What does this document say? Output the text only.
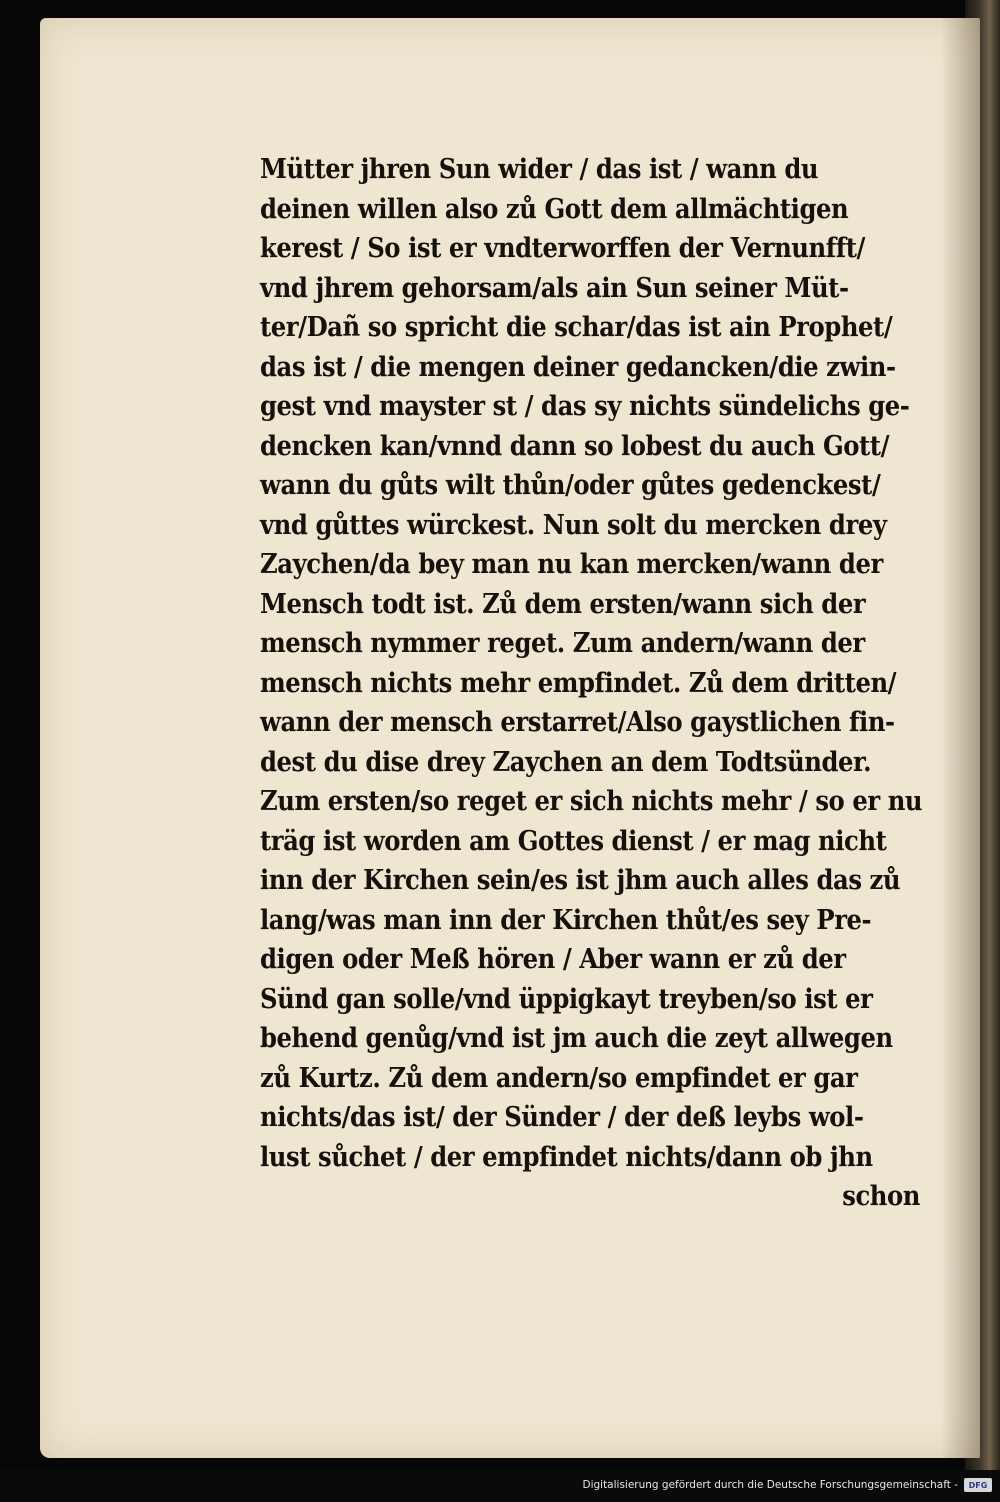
Mütter jhren Sun wider / das ist / wann du
deinen willen also zů Gott dem allmächtigen
kerest / So ist er vndterworffen der Vernunfft/
vnd jhrem gehorsam/als ain Sun seiner Müt-
ter/Dañ so spricht die schar/das ist ain Prophet/
das ist / die mengen deiner gedancken/die zwin-
gest vnd mayster st / das sy nichts sündelichs ge-
dencken kan/vnnd dann so lobest du auch Gott/
wann du gůts wilt thůn/oder gůtes gedenckest/
vnd gůttes würckest. Nun solt du mercken drey
Zaychen/da bey man nu kan mercken/wann der
Mensch todt ist. Zů dem ersten/wann sich der
mensch nymmer reget. Zum andern/wann der
mensch nichts mehr empfindet. Zů dem dritten/
wann der mensch erstarret/Also gaystlichen fin-
dest du dise drey Zaychen an dem Todtsünder.
Zum ersten/so reget er sich nichts mehr / so er nu
träg ist worden am Gottes dienst / er mag nicht
inn der Kirchen sein/es ist jhm auch alles das zů
lang/was man inn der Kirchen thůt/es sey Pre-
digen oder Meß hören / Aber wann er zů der
Sünd gan solle/vnd üppigkayt treyben/so ist er
behend genůg/vnd ist jm auch die zeyt allwegen
zů Kurtz. Zů dem andern/so empfindet er gar
nichts/das ist/ der Sünder / der deß leybs wol-
lust sůchet / der empfindet nichts/dann ob jhn
schon
Digitalisierung gefördert durch die Deutsche Forschungsgemeinschaft -	DFG
